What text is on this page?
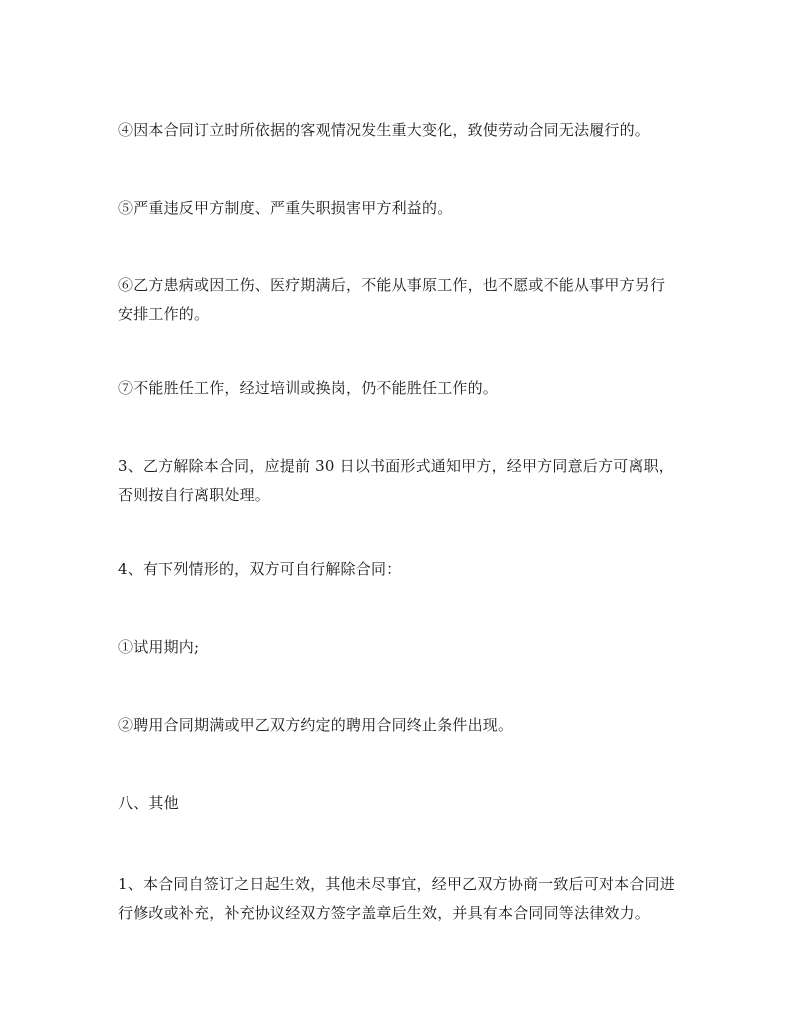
④因本合同订立时所依据的客观情况发生重大变化，致使劳动合同无法履行的。
⑤严重违反甲方制度、严重失职损害甲方利益的。
⑥乙方患病或因工伤、医疗期满后，不能从事原工作，也不愿或不能从事甲方另行安排工作的。
⑦不能胜任工作，经过培训或换岗，仍不能胜任工作的。
3、乙方解除本合同，应提前 30 日以书面形式通知甲方，经甲方同意后方可离职，否则按自行离职处理。
4、有下列情形的，双方可自行解除合同：
①试用期内;
②聘用合同期满或甲乙双方约定的聘用合同终止条件出现。
八、其他
1、本合同自签订之日起生效，其他未尽事宜，经甲乙双方协商一致后可对本合同进行修改或补充，补充协议经双方签字盖章后生效，并具有本合同同等法律效力。
